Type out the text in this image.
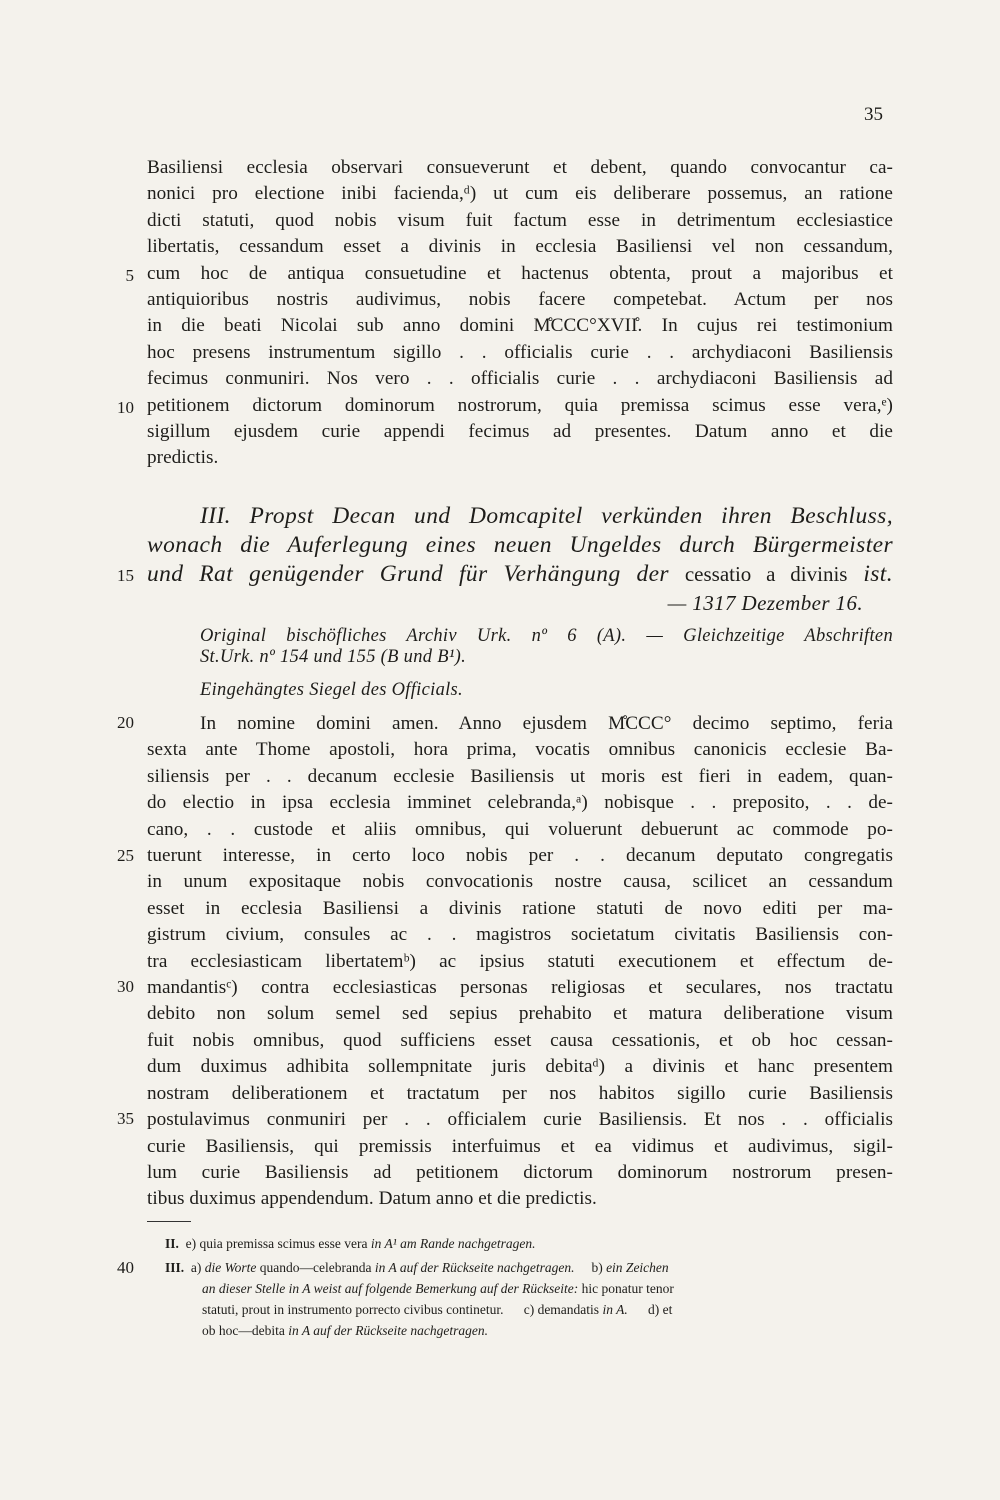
35
Basiliensi ecclesia observari consueverunt et debent, quando convocantur ca-
nonici pro electione inibi facienda,ᵈ) ut cum eis deliberare possemus, an ratione
dicti statuti, quod nobis visum fuit factum esse in detrimentum ecclesiastice
libertatis, cessandum esset a divinis in ecclesia Basiliensi vel non cessandum,
cum hoc de antiqua consuetudine et hactenus obtenta, prout a majoribus et
antiquioribus nostris audivimus, nobis facere competebat. Actum per nos
in die beati Nicolai sub anno domini M̊CCC°XVII̊. In cujus rei testimonium
hoc presens instrumentum sigillo . . officialis curie . . archydiaconi Basiliensis
fecimus conmuniri. Nos vero . . officialis curie . . archydiaconi Basiliensis ad
petitionem dictorum dominorum nostrorum, quia premissa scimus esse vera,ᵉ)
sigillum ejusdem curie appendi fecimus ad presentes. Datum anno et die
predictis.
5
10
15
20
25
30
35
40
III. Propst Decan und Domcapitel verkünden ihren Beschluss,
wonach die Auferlegung eines neuen Ungeldes durch Bürgermeister
und Rat genügender Grund für Verhängung der cessatio a divinis ist.
— 1317 Dezember 16.
Original bischöfliches Archiv Urk. nº 6 (A). — Gleichzeitige Abschriften
St.Urk. nº 154 und 155 (B und B¹).
Eingehängtes Siegel des Officials.
In nomine domini amen. Anno ejusdem M̊CCC° decimo septimo, feria
sexta ante Thome apostoli, hora prima, vocatis omnibus canonicis ecclesie Ba-
siliensis per . . decanum ecclesie Basiliensis ut moris est fieri in eadem, quan-
do electio in ipsa ecclesia imminet celebranda,ᵃ) nobisque . . preposito, . . de-
cano, . . custode et aliis omnibus, qui voluerunt debuerunt ac commode po-
tuerunt interesse, in certo loco nobis per . . decanum deputato congregatis
in unum expositaque nobis convocationis nostre causa, scilicet an cessandum
esset in ecclesia Basiliensi a divinis ratione statuti de novo editi per ma-
gistrum civium, consules ac . . magistros societatum civitatis Basiliensis con-
tra ecclesiasticam libertatemᵇ) ac ipsius statuti executionem et effectum de-
mandantisᶜ) contra ecclesiasticas personas religiosas et seculares, nos tractatu
debito non solum semel sed sepius prehabito et matura deliberatione visum
fuit nobis omnibus, quod sufficiens esset causa cessationis, et ob hoc cessan-
dum duximus adhibita sollempnitate juris debitaᵈ) a divinis et hanc presentem
nostram deliberationem et tractatum per nos habitos sigillo curie Basiliensis
postulavimus conmuniri per . . officialem curie Basiliensis. Et nos . . officialis
curie Basiliensis, qui premissis interfuimus et ea vidimus et audivimus, sigil-
lum curie Basiliensis ad petitionem dictorum dominorum nostrorum presen-
tibus duximus appendendum. Datum anno et die predictis.
II. e) quia premissa scimus esse vera in A¹ am Rande nachgetragen.
III. a) die Worte quando—celebranda in A auf der Rückseite nachgetragen. b) ein Zeichen
an dieser Stelle in A weist auf folgende Bemerkung auf der Rückseite: hic ponatur tenor
statuti, prout in instrumento porrecto civibus continetur. c) demandatis in A. d) et
ob hoc—debita in A auf der Rückseite nachgetragen.
